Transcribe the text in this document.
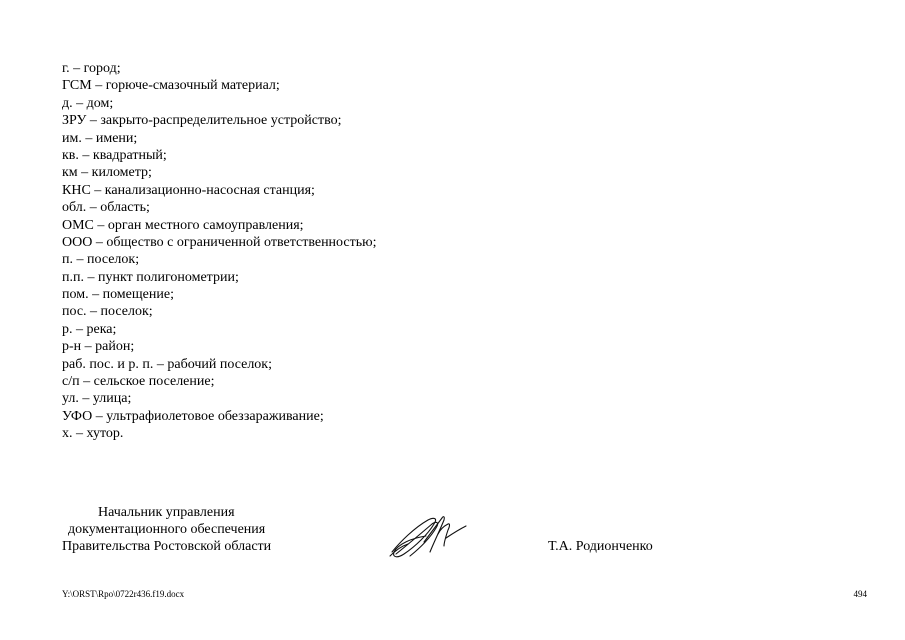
г. – город;
ГСМ – горюче-смазочный материал;
д. – дом;
ЗРУ – закрыто-распределительное устройство;
им. – имени;
кв. – квадратный;
км – километр;
КНС – канализационно-насосная станция;
обл. – область;
ОМС – орган местного самоуправления;
ООО – общество с ограниченной ответственностью;
п. – поселок;
п.п. – пункт полигонометрии;
пом. – помещение;
пос. – поселок;
р. – река;
р-н – район;
раб. пос. и р. п. – рабочий поселок;
с/п – сельское поселение;
ул. – улица;
УФО – ультрафиолетовое обеззараживание;
х. – хутор.
Начальник управления
документационного обеспечения
Правительства Ростовской области	Т.А. Родионченко
Y:\ORST\Rpo\0722r436.f19.docx	494
